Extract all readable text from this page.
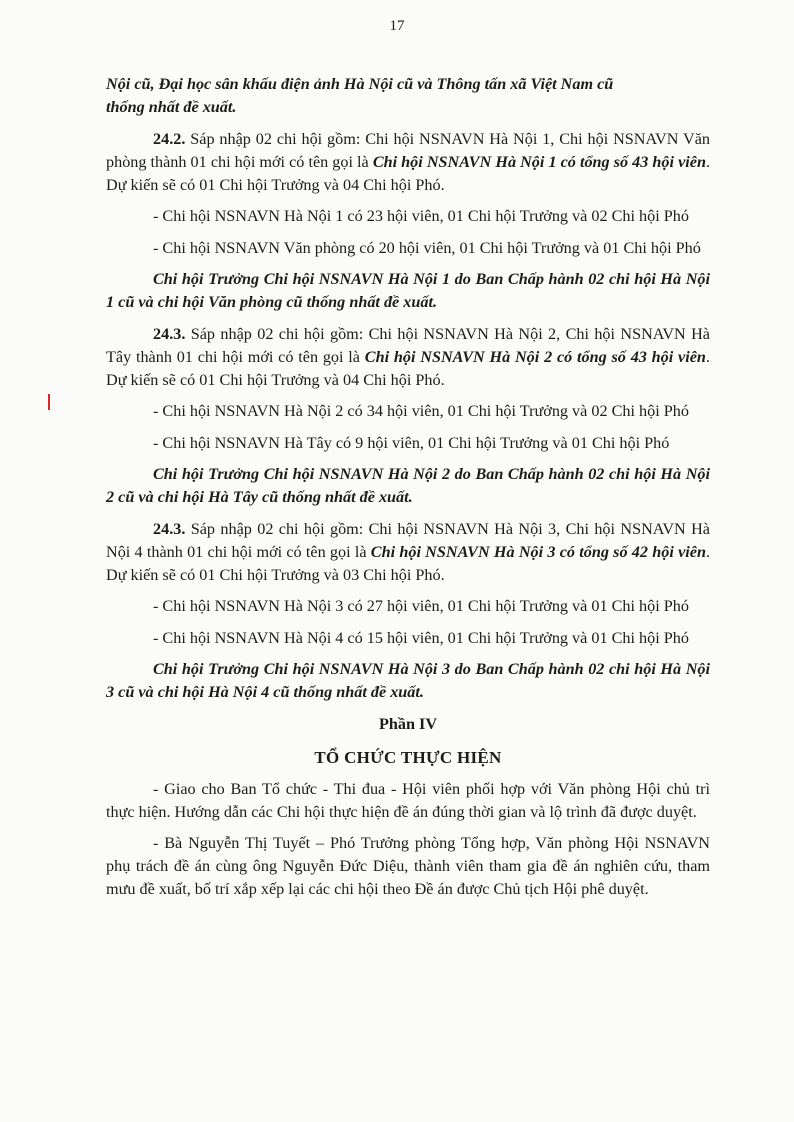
17

Nội cũ, Đại học sân khấu điện ảnh Hà Nội cũ và Thông tấn xã Việt Nam cũ
thống nhất đề xuất.

24.2. Sáp nhập 02 chi hội gồm: Chi hội NSNAVN Hà Nội 1, Chi hội NSNAVN Văn phòng thành 01 chi hội mới có tên gọi là Chi hội NSNAVN Hà Nội 1 có tổng số 43 hội viên. Dự kiến sẽ có 01 Chi hội Trưởng và 04 Chi hội Phó.

- Chi hội NSNAVN Hà Nội 1 có 23 hội viên, 01 Chi hội Trưởng và 02 Chi hội Phó

- Chi hội NSNAVN Văn phòng có 20 hội viên, 01 Chi hội Trưởng và 01 Chi hội Phó

Chi hội Trưởng Chi hội NSNAVN Hà Nội 1 do Ban Chấp hành 02 chi hội Hà Nội 1 cũ và chi hội Văn phòng cũ thống nhất đề xuất.

24.3. Sáp nhập 02 chi hội gồm: Chi hội NSNAVN Hà Nội 2, Chi hội NSNAVN Hà Tây thành 01 chi hội mới có tên gọi là Chi hội NSNAVN Hà Nội 2 có tổng số 43 hội viên. Dự kiến sẽ có 01 Chi hội Trưởng và 04 Chi hội Phó.

- Chi hội NSNAVN Hà Nội 2 có 34 hội viên, 01 Chi hội Trưởng và 02 Chi hội Phó

- Chi hội NSNAVN Hà Tây có 9 hội viên, 01 Chi hội Trưởng và 01 Chi hội Phó

Chi hội Trưởng Chi hội NSNAVN Hà Nội 2 do Ban Chấp hành 02 chi hội Hà Nội 2 cũ và chi hội Hà Tây cũ thống nhất đề xuất.

24.3. Sáp nhập 02 chi hội gồm: Chi hội NSNAVN Hà Nội 3, Chi hội NSNAVN Hà Nội 4 thành 01 chi hội mới có tên gọi là Chi hội NSNAVN Hà Nội 3 có tổng số 42 hội viên. Dự kiến sẽ có 01 Chi hội Trưởng và 03 Chi hội Phó.

- Chi hội NSNAVN Hà Nội 3 có 27 hội viên, 01 Chi hội Trưởng và 01 Chi hội Phó

- Chi hội NSNAVN Hà Nội 4 có 15 hội viên, 01 Chi hội Trưởng và 01 Chi hội Phó

Chi hội Trưởng Chi hội NSNAVN Hà Nội 3 do Ban Chấp hành 02 chi hội Hà Nội 3 cũ và chi hội Hà Nội 4 cũ thống nhất đề xuất.

Phần IV

TỔ CHỨC THỰC HIỆN

- Giao cho Ban Tổ chức - Thi đua - Hội viên phối hợp với Văn phòng Hội chủ trì thực hiện. Hướng dẫn các Chi hội thực hiện đề án đúng thời gian và lộ trình đã được duyệt.

- Bà Nguyễn Thị Tuyết – Phó Trưởng phòng Tổng hợp, Văn phòng Hội NSNAVN phụ trách đề án cùng ông Nguyễn Đức Diệu, thành viên tham gia đề án nghiên cứu, tham mưu đề xuất, bố trí xắp xếp lại các chi hội theo Đề án được Chủ tịch Hội phê duyệt.
